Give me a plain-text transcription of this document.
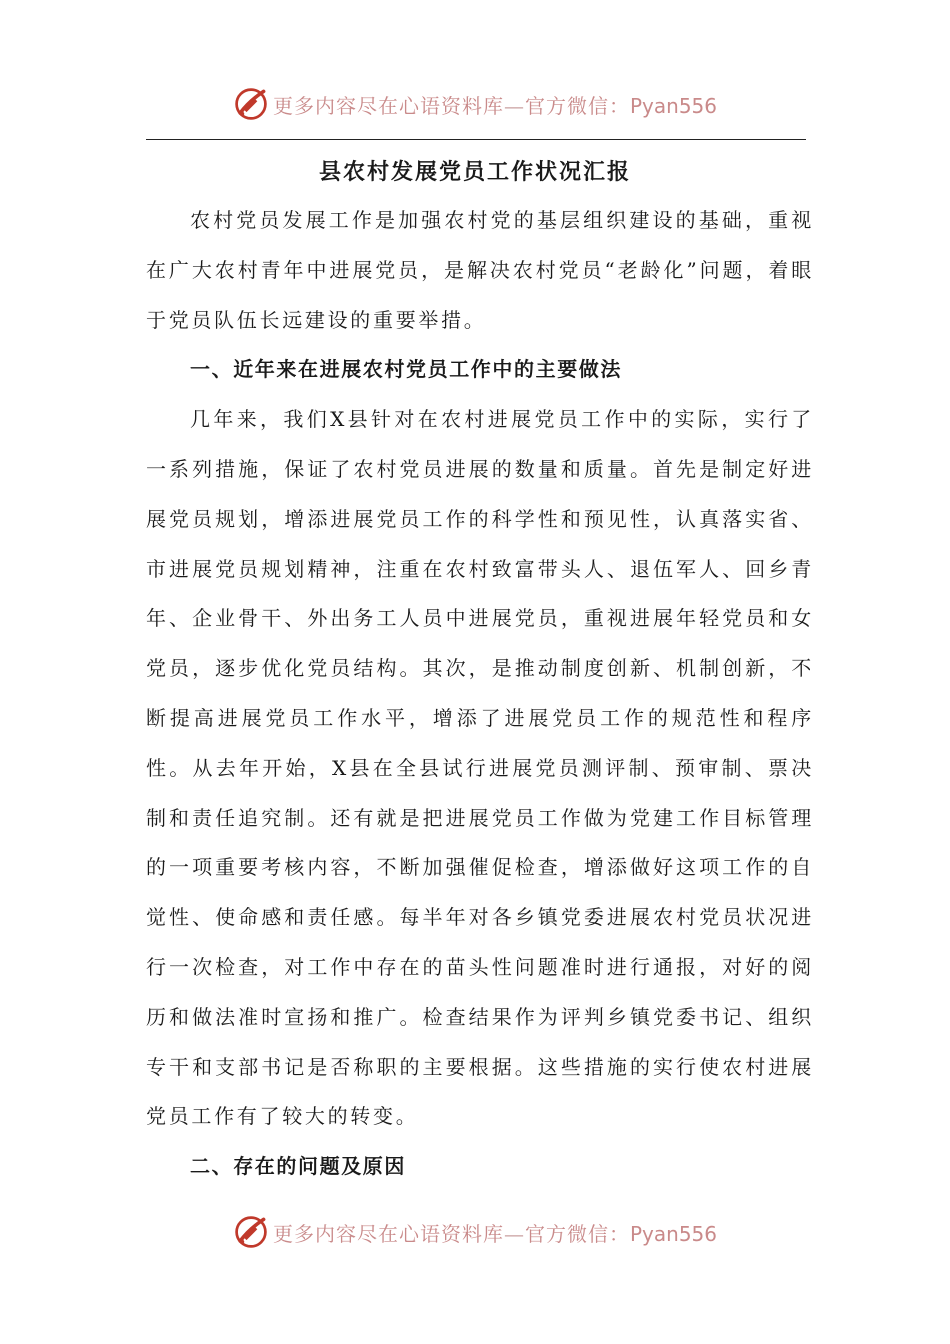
更多内容尽在心语资料库—官方微信：Pyan556
县农村发展党员工作状况汇报

农村党员发展工作是加强农村党的基层组织建设的基础，重视在广大农村青年中进展党员，是解决农村党员“老龄化”问题，着眼于党员队伍长远建设的重要举措。

一、近年来在进展农村党员工作中的主要做法

几年来，我们X县针对在农村进展党员工作中的实际，实行了一系列措施，保证了农村党员进展的数量和质量。首先是制定好进展党员规划，增添进展党员工作的科学性和预见性，认真落实省、市进展党员规划精神，注重在农村致富带头人、退伍军人、回乡青年、企业骨干、外出务工人员中进展党员，重视进展年轻党员和女党员，逐步优化党员结构。其次，是推动制度创新、机制创新，不断提高进展党员工作水平，增添了进展党员工作的规范性和程序性。从去年开始，X县在全县试行进展党员测评制、预审制、票决制和责任追究制。还有就是把进展党员工作做为党建工作目标管理的一项重要考核内容，不断加强催促检查，增添做好这项工作的自觉性、使命感和责任感。每半年对各乡镇党委进展农村党员状况进行一次检查，对工作中存在的苗头性问题准时进行通报，对好的阅历和做法准时宣扬和推广。检查结果作为评判乡镇党委书记、组织专干和支部书记是否称职的主要根据。这些措施的实行使农村进展党员工作有了较大的转变。

二、存在的问题及原因
更多内容尽在心语资料库—官方微信：Pyan556
